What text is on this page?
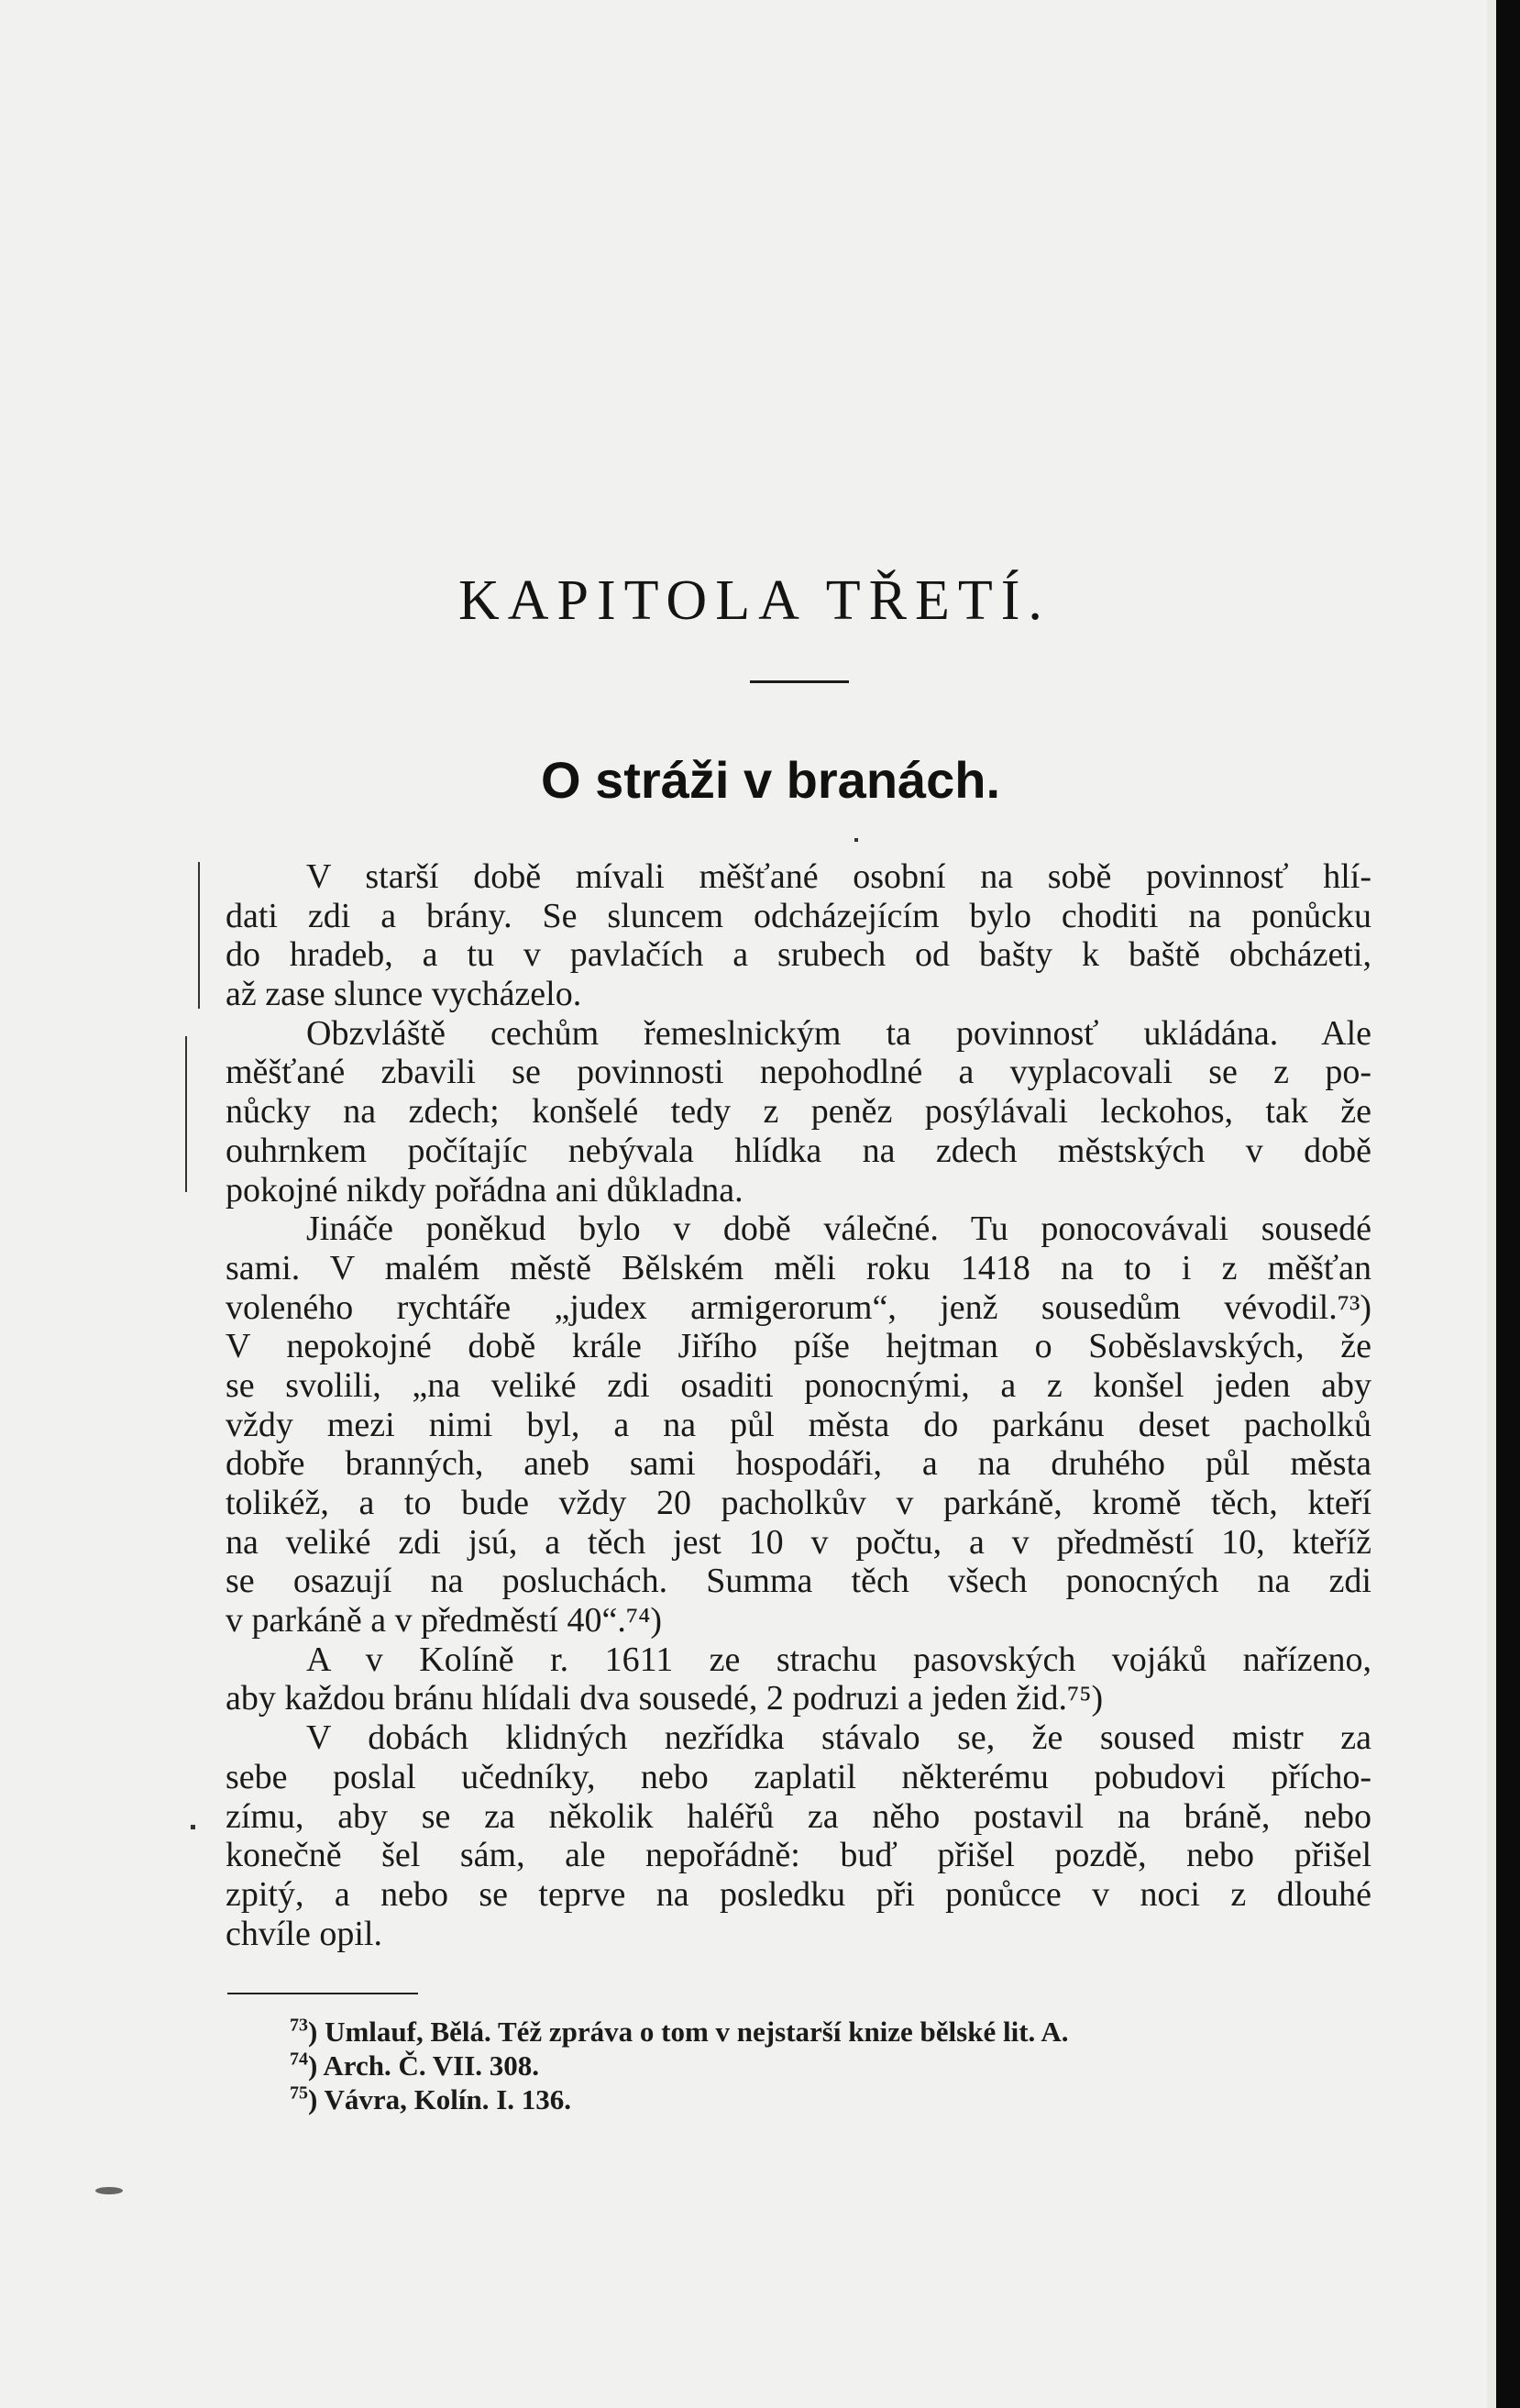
KAPITOLA TŘETÍ.
O stráži v branách.
V starší době mívali měšťané osobní na sobě povinnosť hlí-
dati zdi a brány. Se sluncem odcházejícím bylo choditi na ponůcku
do hradeb, a tu v pavlačích a srubech od bašty k baště obcházeti,
až zase slunce vycházelo.
Obzvláště cechům řemeslnickým ta povinnosť ukládána. Ale
měšťané zbavili se povinnosti nepohodlné a vyplacovali se z po-
nůcky na zdech; konšelé tedy z peněz posýlávali leckohos, tak že
ouhrnkem počítajíc nebývala hlídka na zdech městských v době
pokojné nikdy pořádna ani důkladna.
Jináče poněkud bylo v době válečné. Tu ponocovávali sousedé
sami. V malém městě Bělském měli roku 1418 na to i z měšťan
voleného rychtáře „judex armigerorum“, jenž sousedům vévodil.⁷³)
V nepokojné době krále Jiřího píše hejtman o Soběslavských, že
se svolili, „na veliké zdi osaditi ponocnými, a z konšel jeden aby
vždy mezi nimi byl, a na půl města do parkánu deset pacholků
dobře branných, aneb sami hospodáři, a na druhého půl města
tolikéž, a to bude vždy 20 pacholkův v parkáně, kromě těch, kteří
na veliké zdi jsú, a těch jest 10 v počtu, a v předměstí 10, kteříž
se osazují na posluchách. Summa těch všech ponocných na zdi
v parkáně a v předměstí 40“.⁷⁴)
A v Kolíně r. 1611 ze strachu pasovských vojáků nařízeno,
aby každou bránu hlídali dva sousedé, 2 podruzi a jeden žid.⁷⁵)
V dobách klidných nezřídka stávalo se, že soused mistr za
sebe poslal učedníky, nebo zaplatil některému pobudovi přícho-
zímu, aby se za několik haléřů za něho postavil na bráně, nebo
konečně šel sám, ale nepořádně: buď přišel pozdě, nebo přišel
zpitý, a nebo se teprve na posledku při ponůcce v noci z dlouhé
chvíle opil.
$^{73}$) Umlauf, Bělá. Též zpráva o tom v nejstarší knize bělské lit. A.
$^{74}$) Arch. Č. VII. 308.
$^{75}$) Vávra, Kolín. I. 136.
